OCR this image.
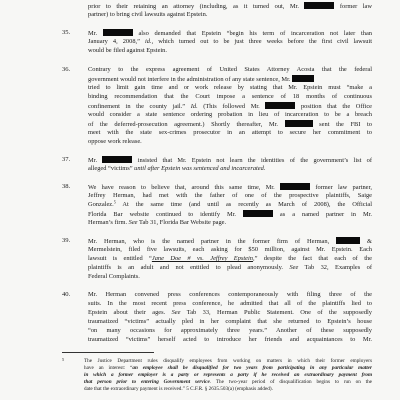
prior to their retaining an attorney (including, as it turned out, Mr.	former law
partner) to bring civil lawsuits against Epstein.
35.	Mr.	also demanded that Epstein “begin his term of incarceration not later than
January 4, 2008,” id., which turned out to be just three weeks before the first civil lawsuit
would be filed against Epstein.
36.	Contrary to the express agreement of United States Attorney Acosta that the federal
government would not interfere in the administration of any state sentence, Mr.
tried to limit gain time and or work release by stating that Mr. Epstein must “make a
binding recommendation that the Court impose a sentence of 18 months of continuous
confinement in the county jail.” Id. (This followed Mr.	position that the Office
would consider a state sentence ordering probation in lieu of incarceration to be a breach
of the deferred-prosecution agreement.) Shortly thereafter, Mr.	sent the FBI to
meet with the state sex-crimes prosecutor in an attempt to secure her commitment to
oppose work release.
37.	Mr.	insisted that Mr. Epstein not learn the identities of the government’s list of
alleged “victims” until after Epstein was sentenced and incarcerated.
38.	We have reason to believe that, around this same time, Mr.	former law partner,
Jeffrey Herman, had met with the father of one of the prospective plaintiffs, Saige
Gonzalez.$^5$ At the same time (and until as recently as March of 2008), the Official
Florida Bar website continued to identify Mr.	as a named partner in Mr.
Herman’s firm. See Tab 31, Florida Bar Website page.
39.	Mr. Herman, who is the named partner in the former firm of Herman,	&
Mermelstein, filed five lawsuits, each asking for $50 million, against Mr. Epstein. Each
lawsuit is entitled “Jane Doe # vs. Jeffrey Epstein,” despite the fact that each of the
plaintiffs is an adult and not entitled to plead anonymously. See Tab 32, Examples of
Federal Complaints.
40.	Mr. Herman convened press conferences contemporaneously with filing three of the
suits. In the most recent press conference, he admitted that all of the plaintiffs lied to
Epstein about their ages. See Tab 33, Herman Public Statement. One of the supposedly
traumatized “victims” actually pled in her complaint that she returned to Epstein’s house
“on many occasions for approximately three years.” Another of these supposedly
traumatized “victims” herself acted to introduce her friends and acquaintances to Mr.
5	The Justice Department rules disqualify employees from working on matters in which their former employers
have an interest: “an employee shall be disqualified for two years from participating in any particular matter
in which a former employer is a party or represents a party if he received an extraordinary payment from
that person prior to entering Government service. The two-year period of disqualification begins to run on the
date that the extraordinary payment is received.” 5 C.F.R. § 2635.503(a) (emphasis added).
